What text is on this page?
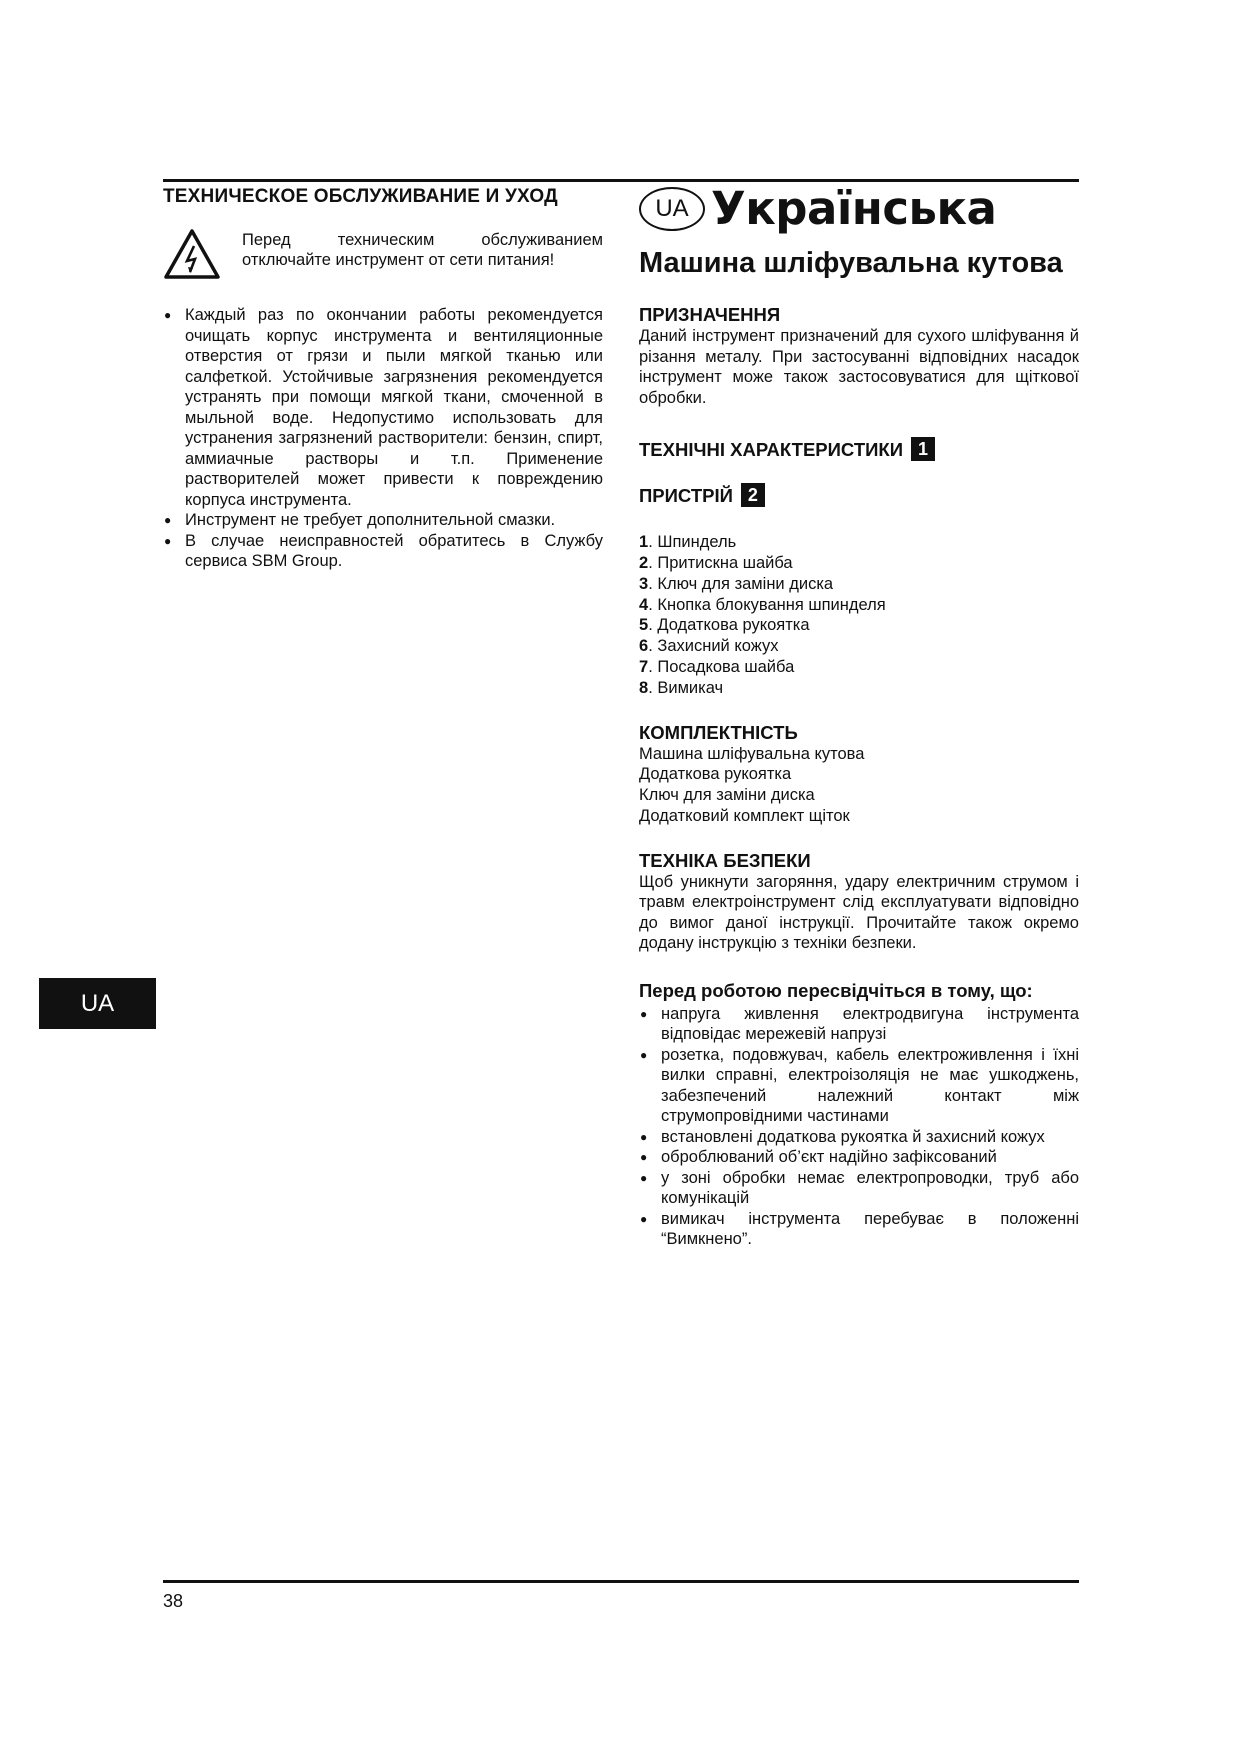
ТЕХНИЧЕСКОЕ ОБСЛУЖИВАНИЕ И УХОД
Перед техническим обслуживанием отключайте инструмент от сети питания!
● Каждый раз по окончании работы рекомендуется очищать корпус инструмента и вентиляционные отверстия от грязи и пыли мягкой тканью или салфеткой. Устойчивые загрязнения рекомендуется устранять при помощи мягкой ткани, смоченной в мыльной воде. Недопустимо использовать для устранения загрязнений растворители: бензин, спирт, аммиачные растворы и т.п. Применение растворителей может привести к повреждению корпуса инструмента.
● Инструмент не требует дополнительной смазки.
● В случае неисправностей обратитесь в Службу сервиса SBM Group.
UA Українська
Машина шліфувальна кутова
ПРИЗНАЧЕННЯ

Даний інструмент призначений для сухого шліфування й різання металу. При застосуванні відповідних насадок інструмент може також застосовуватися для щіткової обробки.

ТЕХНІЧНІ ХАРАКТЕРИСТИКИ 1
ПРИСТРІЙ 2
1. Шпиндель
2. Притискна шайба
3. Ключ для заміни диска
4. Кнопка блокування шпинделя
5. Додаткова рукоятка
6. Захисний кожух
7. Посадкова шайба
8. Вимикач
КОМПЛЕКТНІСТЬ
Машина шліфувальна кутова
Додаткова рукоятка
Ключ для заміни диска
Додатковий комплект щіток
ТЕХНІКА БЕЗПЕКИ

Щоб уникнути загоряння, удару електричним струмом і травм електроінструмент слід експлуатувати відповідно до вимог даної інструкції. Прочитайте також окремо додану інструкцію з техніки безпеки.

Перед роботою пересвідчіться в тому, що:
● напруга живлення електродвигуна інструмента відповідає мережевій напрузі
● розетка, подовжувач, кабель електроживлення і їхні вилки справні, електроізоляція не має ушкоджень, забезпечений належний контакт між струмопровідними частинами
● встановлені додаткова рукоятка й захисний кожух
● оброблюваний об’єкт надійно зафіксований
● у зоні обробки немає електропроводки, труб або комунікацій
● вимикач інструмента перебуває в положенні “Вимкнено”.
UA
38
